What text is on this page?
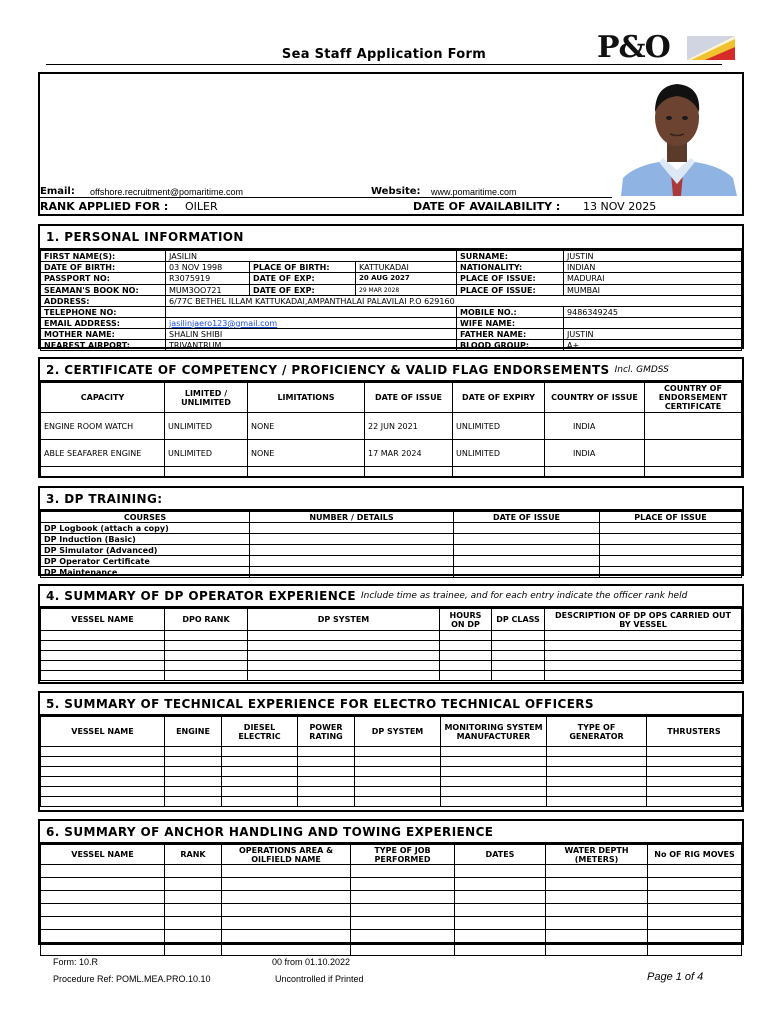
Sea Staff Application Form	P&O
Email: offshore.recruitment@pomaritime.com	Website: www.pomaritime.com
RANK APPLIED FOR : OILER	DATE OF AVAILABILITY : 13 NOV 2025
1. PERSONAL INFORMATION
FIRST NAME(S):	JASILIN			SURNAME:	JUSTIN
DATE OF BIRTH:	03 NOV 1998	PLACE OF BIRTH:	KATTUKADAI	NATIONALITY:	INDIAN
PASSPORT NO:	R3075919	DATE OF EXP:	20 AUG 2027	PLACE OF ISSUE:	MADURAI
SEAMAN'S BOOK NO:	MUM3OO721	DATE OF EXP:	29 MAR 2028	PLACE OF ISSUE:	MUMBAI
ADDRESS:	6/77C BETHEL ILLAM KATTUKADAI,AMPANTHALAI PALAVILAI P.O 629160				
TELEPHONE NO:				MOBILE NO.:	9486349245
EMAIL ADDRESS:	jasilinjaero123@gmail.com			WIFE NAME:	
MOTHER NAME:	SHALIN SHIBI			FATHER NAME:	JUSTIN
NEAREST AIRPORT:	TRIVANTRUM			BLOOD GROUP:	A+
2. CERTIFICATE OF COMPETENCY / PROFICIENCY & VALID FLAG ENDORSEMENTS Incl. GMDSS
CAPACITY	LIMITED / UNLIMITED	LIMITATIONS	DATE OF ISSUE	DATE OF EXPIRY	COUNTRY OF ISSUE	COUNTRY OF ENDORSEMENT CERTIFICATE
ENGINE ROOM WATCH	UNLIMITED	NONE	22 JUN 2021	UNLIMITED	INDIA	
ABLE SEAFARER ENGINE	UNLIMITED	NONE	17 MAR 2024	UNLIMITED	INDIA	

3. DP TRAINING:
COURSES	NUMBER / DETAILS	DATE OF ISSUE	PLACE OF ISSUE
DP Logbook (attach a copy)			
DP Induction (Basic)			
DP Simulator (Advanced)			
DP Operator Certificate			
DP Maintenance			
4. SUMMARY OF DP OPERATOR EXPERIENCE Include time as trainee, and for each entry indicate the officer rank held
VESSEL NAME	DPO RANK	DP SYSTEM	HOURS ON DP	DP CLASS	DESCRIPTION OF DP OPS CARRIED OUT BY VESSEL

5. SUMMARY OF TECHNICAL EXPERIENCE FOR ELECTRO TECHNICAL OFFICERS
VESSEL NAME	ENGINE	DIESEL ELECTRIC	POWER RATING	DP SYSTEM	MONITORING SYSTEM MANUFACTURER	TYPE OF GENERATOR	THRUSTERS

6. SUMMARY OF ANCHOR HANDLING AND TOWING EXPERIENCE
VESSEL NAME	RANK	OPERATIONS AREA & OILFIELD NAME	TYPE OF JOB PERFORMED	DATES	WATER DEPTH (METERS)	No OF RIG MOVES

Form: 10.R	00 from 01.10.2022
Procedure Ref: POML.MEA.PRO.10.10	Uncontrolled if Printed	Page 1 of 4
